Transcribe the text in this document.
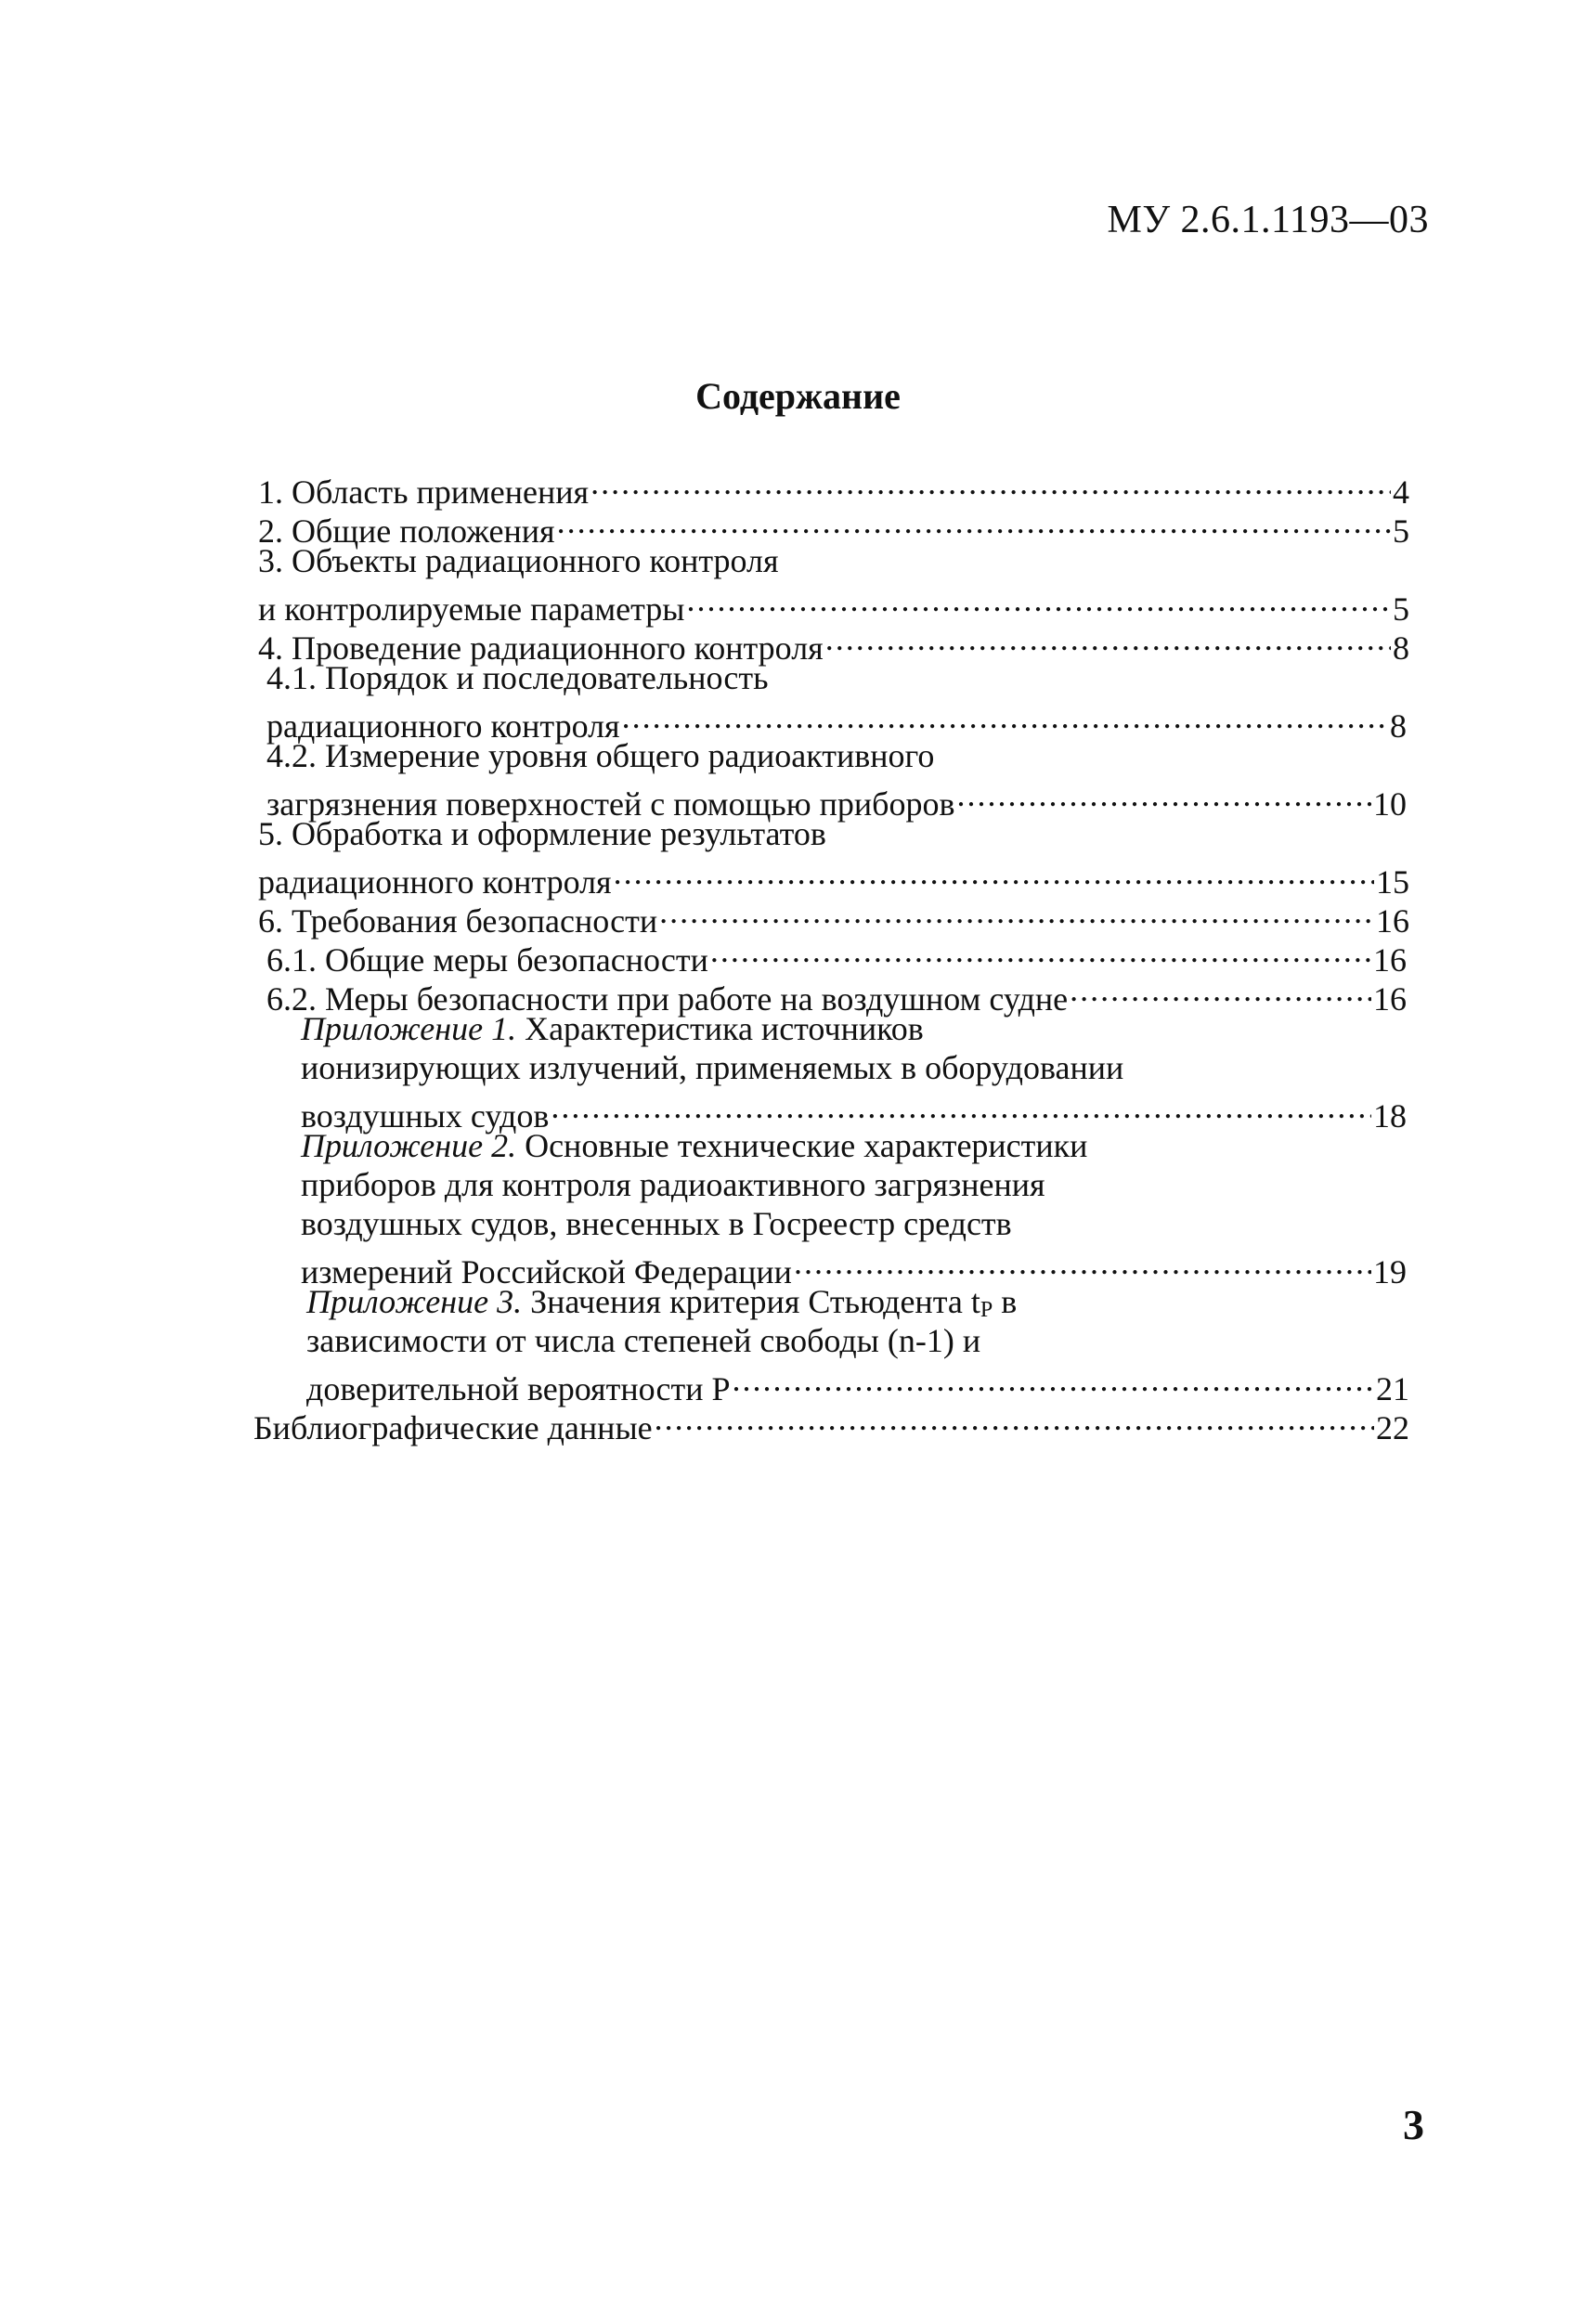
МУ 2.6.1.1193—03
Содержание
1. Область применения .....	4
2. Общие положения .....	5
3. Объекты радиационного контроля
и контролируемые параметры .....	5
4. Проведение радиационного контроля .....	8
4.1. Порядок и последовательность
радиационного контроля .....	8
4.2. Измерение уровня общего радиоактивного
загрязнения поверхностей с помощью приборов .....	10
5. Обработка и оформление результатов
радиационного контроля .....	15
6. Требования безопасности .....	16
6.1. Общие меры безопасности .....	16
6.2. Меры безопасности при работе на воздушном судне .....	16
Приложение 1. Характеристика источников
ионизирующих излучений, применяемых в оборудовании
воздушных судов .....	18
Приложение 2. Основные технические характеристики
приборов для контроля радиоактивного загрязнения
воздушных судов, внесенных в Госреестр средств
измерений Российской Федерации .....	19
Приложение 3. Значения критерия Стьюдента $t_P$ в
зависимости от числа степеней свободы (n-1) и
доверительной вероятности P .....	21
Библиографические данные .....	22
3
